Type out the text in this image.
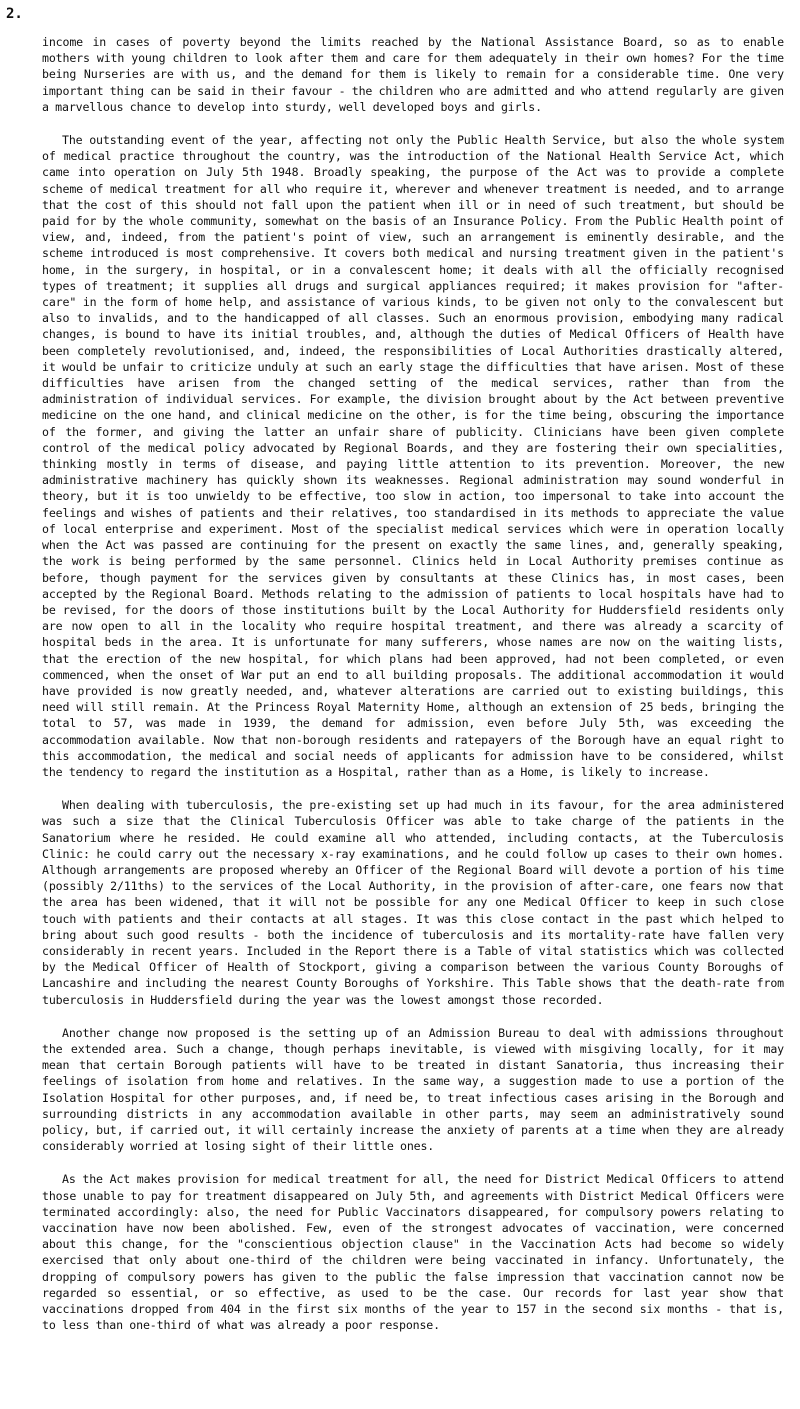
2.

income in cases of poverty beyond the limits reached by the National Assistance Board, so as to enable mothers with young children to look after them and care for them adequately in their own homes? For the time being Nurseries are with us, and the demand for them is likely to remain for a considerable time. One very important thing can be said in their favour - the children who are admitted and who attend regularly are given a marvellous chance to develop into sturdy, well developed boys and girls.

The outstanding event of the year, affecting not only the Public Health Service, but also the whole system of medical practice throughout the country, was the introduction of the National Health Service Act, which came into operation on July 5th 1948. Broadly speaking, the purpose of the Act was to provide a complete scheme of medical treatment for all who require it, wherever and whenever treatment is needed, and to arrange that the cost of this should not fall upon the patient when ill or in need of such treatment, but should be paid for by the whole community, somewhat on the basis of an Insurance Policy. From the Public Health point of view, and, indeed, from the patient's point of view, such an arrangement is eminently desirable, and the scheme introduced is most comprehensive. It covers both medical and nursing treatment given in the patient's home, in the surgery, in hospital, or in a convalescent home; it deals with all the officially recognised types of treatment; it supplies all drugs and surgical appliances required; it makes provision for "after-care" in the form of home help, and assistance of various kinds, to be given not only to the convalescent but also to invalids, and to the handicapped of all classes. Such an enormous provision, embodying many radical changes, is bound to have its initial troubles, and, although the duties of Medical Officers of Health have been completely revolutionised, and, indeed, the responsibilities of Local Authorities drastically altered, it would be unfair to criticize unduly at such an early stage the difficulties that have arisen. Most of these difficulties have arisen from the changed setting of the medical services, rather than from the administration of individual services. For example, the division brought about by the Act between preventive medicine on the one hand, and clinical medicine on the other, is for the time being, obscuring the importance of the former, and giving the latter an unfair share of publicity. Clinicians have been given complete control of the medical policy advocated by Regional Boards, and they are fostering their own specialities, thinking mostly in terms of disease, and paying little attention to its prevention. Moreover, the new administrative machinery has quickly shown its weaknesses. Regional administration may sound wonderful in theory, but it is too unwieldy to be effective, too slow in action, too impersonal to take into account the feelings and wishes of patients and their relatives, too standardised in its methods to appreciate the value of local enterprise and experiment. Most of the specialist medical services which were in operation locally when the Act was passed are continuing for the present on exactly the same lines, and, generally speaking, the work is being performed by the same personnel. Clinics held in Local Authority premises continue as before, though payment for the services given by consultants at these Clinics has, in most cases, been accepted by the Regional Board. Methods relating to the admission of patients to local hospitals have had to be revised, for the doors of those institutions built by the Local Authority for Huddersfield residents only are now open to all in the locality who require hospital treatment, and there was already a scarcity of hospital beds in the area. It is unfortunate for many sufferers, whose names are now on the waiting lists, that the erection of the new hospital, for which plans had been approved, had not been completed, or even commenced, when the onset of War put an end to all building proposals. The additional accommodation it would have provided is now greatly needed, and, whatever alterations are carried out to existing buildings, this need will still remain. At the Princess Royal Maternity Home, although an extension of 25 beds, bringing the total to 57, was made in 1939, the demand for admission, even before July 5th, was exceeding the accommodation available. Now that non-borough residents and ratepayers of the Borough have an equal right to this accommodation, the medical and social needs of applicants for admission have to be considered, whilst the tendency to regard the institution as a Hospital, rather than as a Home, is likely to increase.

When dealing with tuberculosis, the pre-existing set up had much in its favour, for the area administered was such a size that the Clinical Tuberculosis Officer was able to take charge of the patients in the Sanatorium where he resided. He could examine all who attended, including contacts, at the Tuberculosis Clinic: he could carry out the necessary x-ray examinations, and he could follow up cases to their own homes. Although arrangements are proposed whereby an Officer of the Regional Board will devote a portion of his time (possibly 2/11ths) to the services of the Local Authority, in the provision of after-care, one fears now that the area has been widened, that it will not be possible for any one Medical Officer to keep in such close touch with patients and their contacts at all stages. It was this close contact in the past which helped to bring about such good results - both the incidence of tuberculosis and its mortality-rate have fallen very considerably in recent years. Included in the Report there is a Table of vital statistics which was collected by the Medical Officer of Health of Stockport, giving a comparison between the various County Boroughs of Lancashire and including the nearest County Boroughs of Yorkshire. This Table shows that the death-rate from tuberculosis in Huddersfield during the year was the lowest amongst those recorded.

Another change now proposed is the setting up of an Admission Bureau to deal with admissions throughout the extended area. Such a change, though perhaps inevitable, is viewed with misgiving locally, for it may mean that certain Borough patients will have to be treated in distant Sanatoria, thus increasing their feelings of isolation from home and relatives. In the same way, a suggestion made to use a portion of the Isolation Hospital for other purposes, and, if need be, to treat infectious cases arising in the Borough and surrounding districts in any accommodation available in other parts, may seem an administratively sound policy, but, if carried out, it will certainly increase the anxiety of parents at a time when they are already considerably worried at losing sight of their little ones.

As the Act makes provision for medical treatment for all, the need for District Medical Officers to attend those unable to pay for treatment disappeared on July 5th, and agreements with District Medical Officers were terminated accordingly: also, the need for Public Vaccinators disappeared, for compulsory powers relating to vaccination have now been abolished. Few, even of the strongest advocates of vaccination, were concerned about this change, for the "conscientious objection clause" in the Vaccination Acts had become so widely exercised that only about one-third of the children were being vaccinated in infancy. Unfortunately, the dropping of compulsory powers has given to the public the false impression that vaccination cannot now be regarded so essential, or so effective, as used to be the case. Our records for last year show that vaccinations dropped from 404 in the first six months of the year to 157 in the second six months - that is, to less than one-third of what was already a poor response.
